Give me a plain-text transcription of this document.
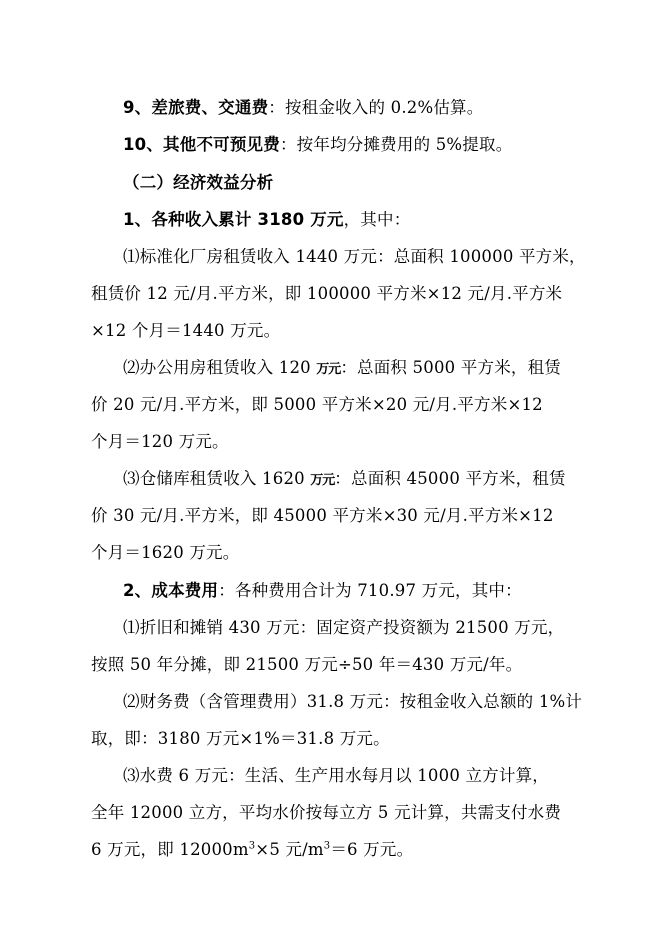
9、差旅费、交通费：按租金收入的 0.2%估算。
10、其他不可预见费：按年均分摊费用的 5%提取。
（二）经济效益分析
1、各种收入累计 3180 万元，其中：
⑴标准化厂房租赁收入 1440 万元：总面积 100000 平方米，
租赁价 12 元/月.平方米，即 100000 平方米×12 元/月.平方米
×12 个月＝1440 万元。
⑵办公用房租赁收入 120 万元：总面积 5000 平方米，租赁
价 20 元/月.平方米，即 5000 平方米×20 元/月.平方米×12
个月＝120 万元。
⑶仓储库租赁收入 1620 万元：总面积 45000 平方米，租赁
价 30 元/月.平方米，即 45000 平方米×30 元/月.平方米×12
个月＝1620 万元。
2、成本费用：各种费用合计为 710.97 万元，其中：
⑴折旧和摊销 430 万元：固定资产投资额为 21500 万元，
按照 50 年分摊，即 21500 万元÷50 年＝430 万元/年。
⑵财务费（含管理费用）31.8 万元：按租金收入总额的 1%计
取，即：3180 万元×1%＝31.8 万元。
⑶水费 6 万元：生活、生产用水每月以 1000 立方计算，
全年 12000 立方，平均水价按每立方 5 元计算，共需支付水费
6 万元，即 $12000m^3\times 5$ 元$/m^3=6$ 万元。
